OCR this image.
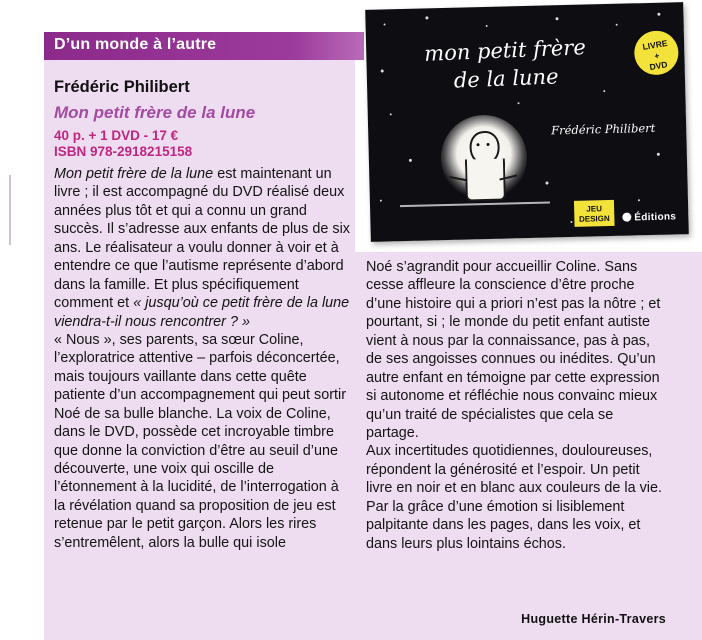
D’un monde à l’autre	mon petit frère
de la lune
Frédéric Philibert
LIVRE
+
DVD
JEU
DESIGN	Éditions
Frédéric Philibert
Mon petit frère de la lune
40 p. + 1 DVD - 17 €
ISBN 978-2918215158
Mon petit frère de la lune est maintenant un livre ; il est accompagné du DVD réalisé deux années plus tôt et qui a connu un grand succès. Il s’adresse aux enfants de plus de six ans. Le réalisateur a voulu donner à voir et à entendre ce que l’autisme représente d’abord dans la famille. Et plus spécifiquement comment et « jusqu’où ce petit frère de la lune viendra-t-il nous rencontrer ? »
« Nous », ses parents, sa sœur Coline, l’exploratrice attentive – parfois déconcertée, mais toujours vaillante dans cette quête patiente d’un accompagnement qui peut sortir Noé de sa bulle blanche. La voix de Coline, dans le DVD, possède cet incroyable timbre que donne la conviction d’être au seuil d’une découverte, une voix qui oscille de l’étonnement à la lucidité, de l’interrogation à la révélation quand sa proposition de jeu est retenue par le petit garçon. Alors les rires s’entremêlent, alors la bulle qui isole
Noé s’agrandit pour accueillir Coline. Sans cesse affleure la conscience d’être proche d’une histoire qui a priori n’est pas la nôtre ; et pourtant, si ; le monde du petit enfant autiste vient à nous par la connaissance, pas à pas, de ses angoisses connues ou inédites. Qu’un autre enfant en témoigne par cette expression si autonome et réfléchie nous convainc mieux qu’un traité de spécialistes que cela se partage.
Aux incertitudes quotidiennes, douloureuses, répondent la générosité et l’espoir. Un petit livre en noir et en blanc aux couleurs de la vie. Par la grâce d’une émotion si lisiblement palpitante dans les pages, dans les voix, et dans leurs plus lointains échos.
Huguette Hérin-Travers
